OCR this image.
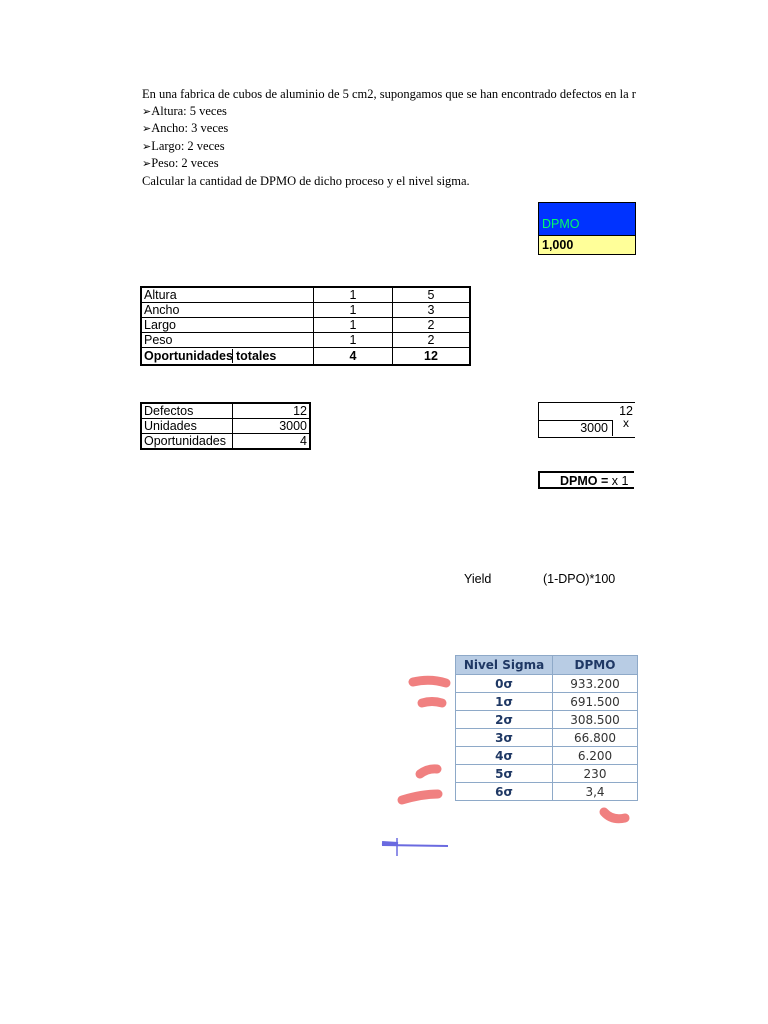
En una fabrica de cubos de aluminio de 5 cm2, supongamos que se han encontrado defectos en la r
➢ Altura: 5 veces
➢ Ancho: 3 veces
➢ Largo: 2 veces
➢ Peso: 2 veces
Calcular la cantidad de DPMO de dicho proceso y el nivel sigma.
DPMO
1,000
Altura	1	5
Ancho	1	3
Largo	1	2
Peso	1	2
Oportunidades totales	4	12
Defectos	12
Unidades	3000
Oportunidades	4
12
3000	x
DPMO = x 1
Yield	(1-DPO)*100
Nivel Sigma	DPMO
0σ	933.200
1σ	691.500
2σ	308.500
3σ	66.800
4σ	6.200
5σ	230
6σ	3,4
